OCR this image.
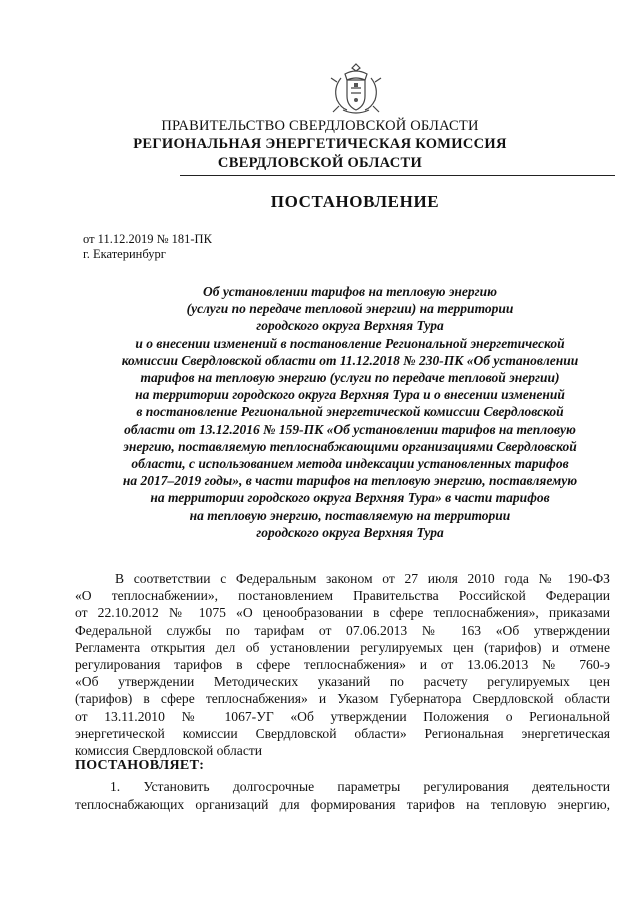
ПРАВИТЕЛЬСТВО СВЕРДЛОВСКОЙ ОБЛАСТИ
РЕГИОНАЛЬНАЯ ЭНЕРГЕТИЧЕСКАЯ КОМИССИЯ
СВЕРДЛОВСКОЙ ОБЛАСТИ
ПОСТАНОВЛЕНИЕ
от 11.12.2019 № 181-ПК
г. Екатеринбург
Об установлении тарифов на тепловую энергию
(услуги по передаче тепловой энергии) на территории
городского округа Верхняя Тура
и о внесении изменений в постановление Региональной энергетической
комиссии Свердловской области от 11.12.2018 № 230-ПК «Об установлении
тарифов на тепловую энергию (услуги по передаче тепловой энергии)
на территории городского округа Верхняя Тура и о внесении изменений
в постановление Региональной энергетической комиссии Свердловской
области от 13.12.2016 № 159-ПК «Об установлении тарифов на тепловую
энергию, поставляемую теплоснабжающими организациями Свердловской
области, с использованием метода индексации установленных тарифов
на 2017–2019 годы», в части тарифов на тепловую энергию, поставляемую
на территории городского округа Верхняя Тура» в части тарифов
на тепловую энергию, поставляемую на территории
городского округа Верхняя Тура
В соответствии с Федеральным законом от 27 июля 2010 года № 190-ФЗ
«О теплоснабжении», постановлением Правительства Российской Федерации
от 22.10.2012 № 1075 «О ценообразовании в сфере теплоснабжения», приказами
Федеральной службы по тарифам от 07.06.2013 № 163 «Об утверждении
Регламента открытия дел об установлении регулируемых цен (тарифов) и отмене
регулирования тарифов в сфере теплоснабжения» и от 13.06.2013 № 760-э
«Об утверждении Методических указаний по расчету регулируемых цен
(тарифов) в сфере теплоснабжения» и Указом Губернатора Свердловской области
от 13.11.2010 № 1067-УГ «Об утверждении Положения о Региональной
энергетической комиссии Свердловской области» Региональная энергетическая
комиссия Свердловской области
ПОСТАНОВЛЯЕТ:
1. Установить долгосрочные параметры регулирования деятельности
теплоснабжающих организаций для формирования тарифов на тепловую энергию,
